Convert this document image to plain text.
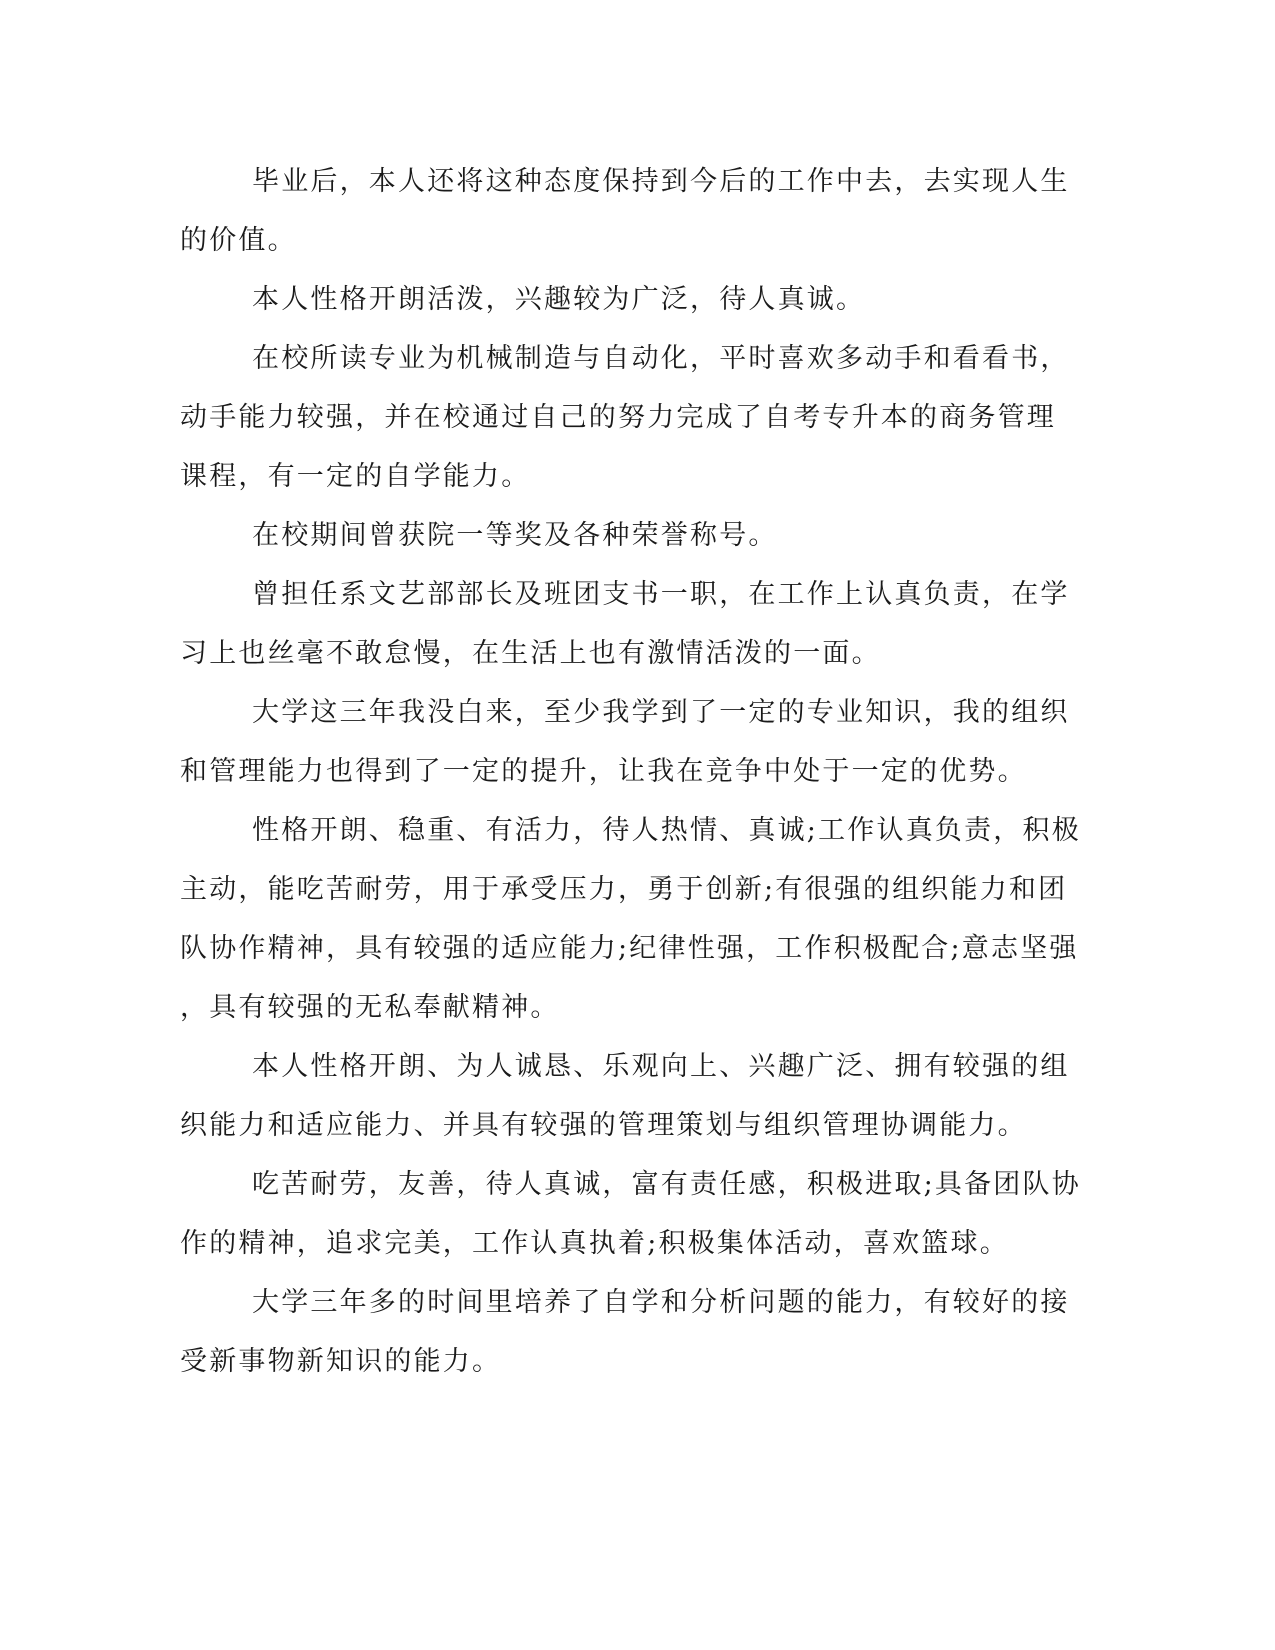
毕业后，本人还将这种态度保持到今后的工作中去，去实现人生

的价值。

本人性格开朗活泼，兴趣较为广泛，待人真诚。

在校所读专业为机械制造与自动化，平时喜欢多动手和看看书，

动手能力较强，并在校通过自己的努力完成了自考专升本的商务管理

课程，有一定的自学能力。

在校期间曾获院一等奖及各种荣誉称号。

曾担任系文艺部部长及班团支书一职，在工作上认真负责，在学

习上也丝毫不敢怠慢，在生活上也有激情活泼的一面。

大学这三年我没白来，至少我学到了一定的专业知识，我的组织

和管理能力也得到了一定的提升，让我在竞争中处于一定的优势。

性格开朗、稳重、有活力，待人热情、真诚;工作认真负责，积极

主动，能吃苦耐劳，用于承受压力，勇于创新;有很强的组织能力和团

队协作精神，具有较强的适应能力;纪律性强，工作积极配合;意志坚强

，具有较强的无私奉献精神。

本人性格开朗、为人诚恳、乐观向上、兴趣广泛、拥有较强的组

织能力和适应能力、并具有较强的管理策划与组织管理协调能力。

吃苦耐劳，友善，待人真诚，富有责任感，积极进取;具备团队协

作的精神，追求完美，工作认真执着;积极集体活动，喜欢篮球。

大学三年多的时间里培养了自学和分析问题的能力，有较好的接

受新事物新知识的能力。
